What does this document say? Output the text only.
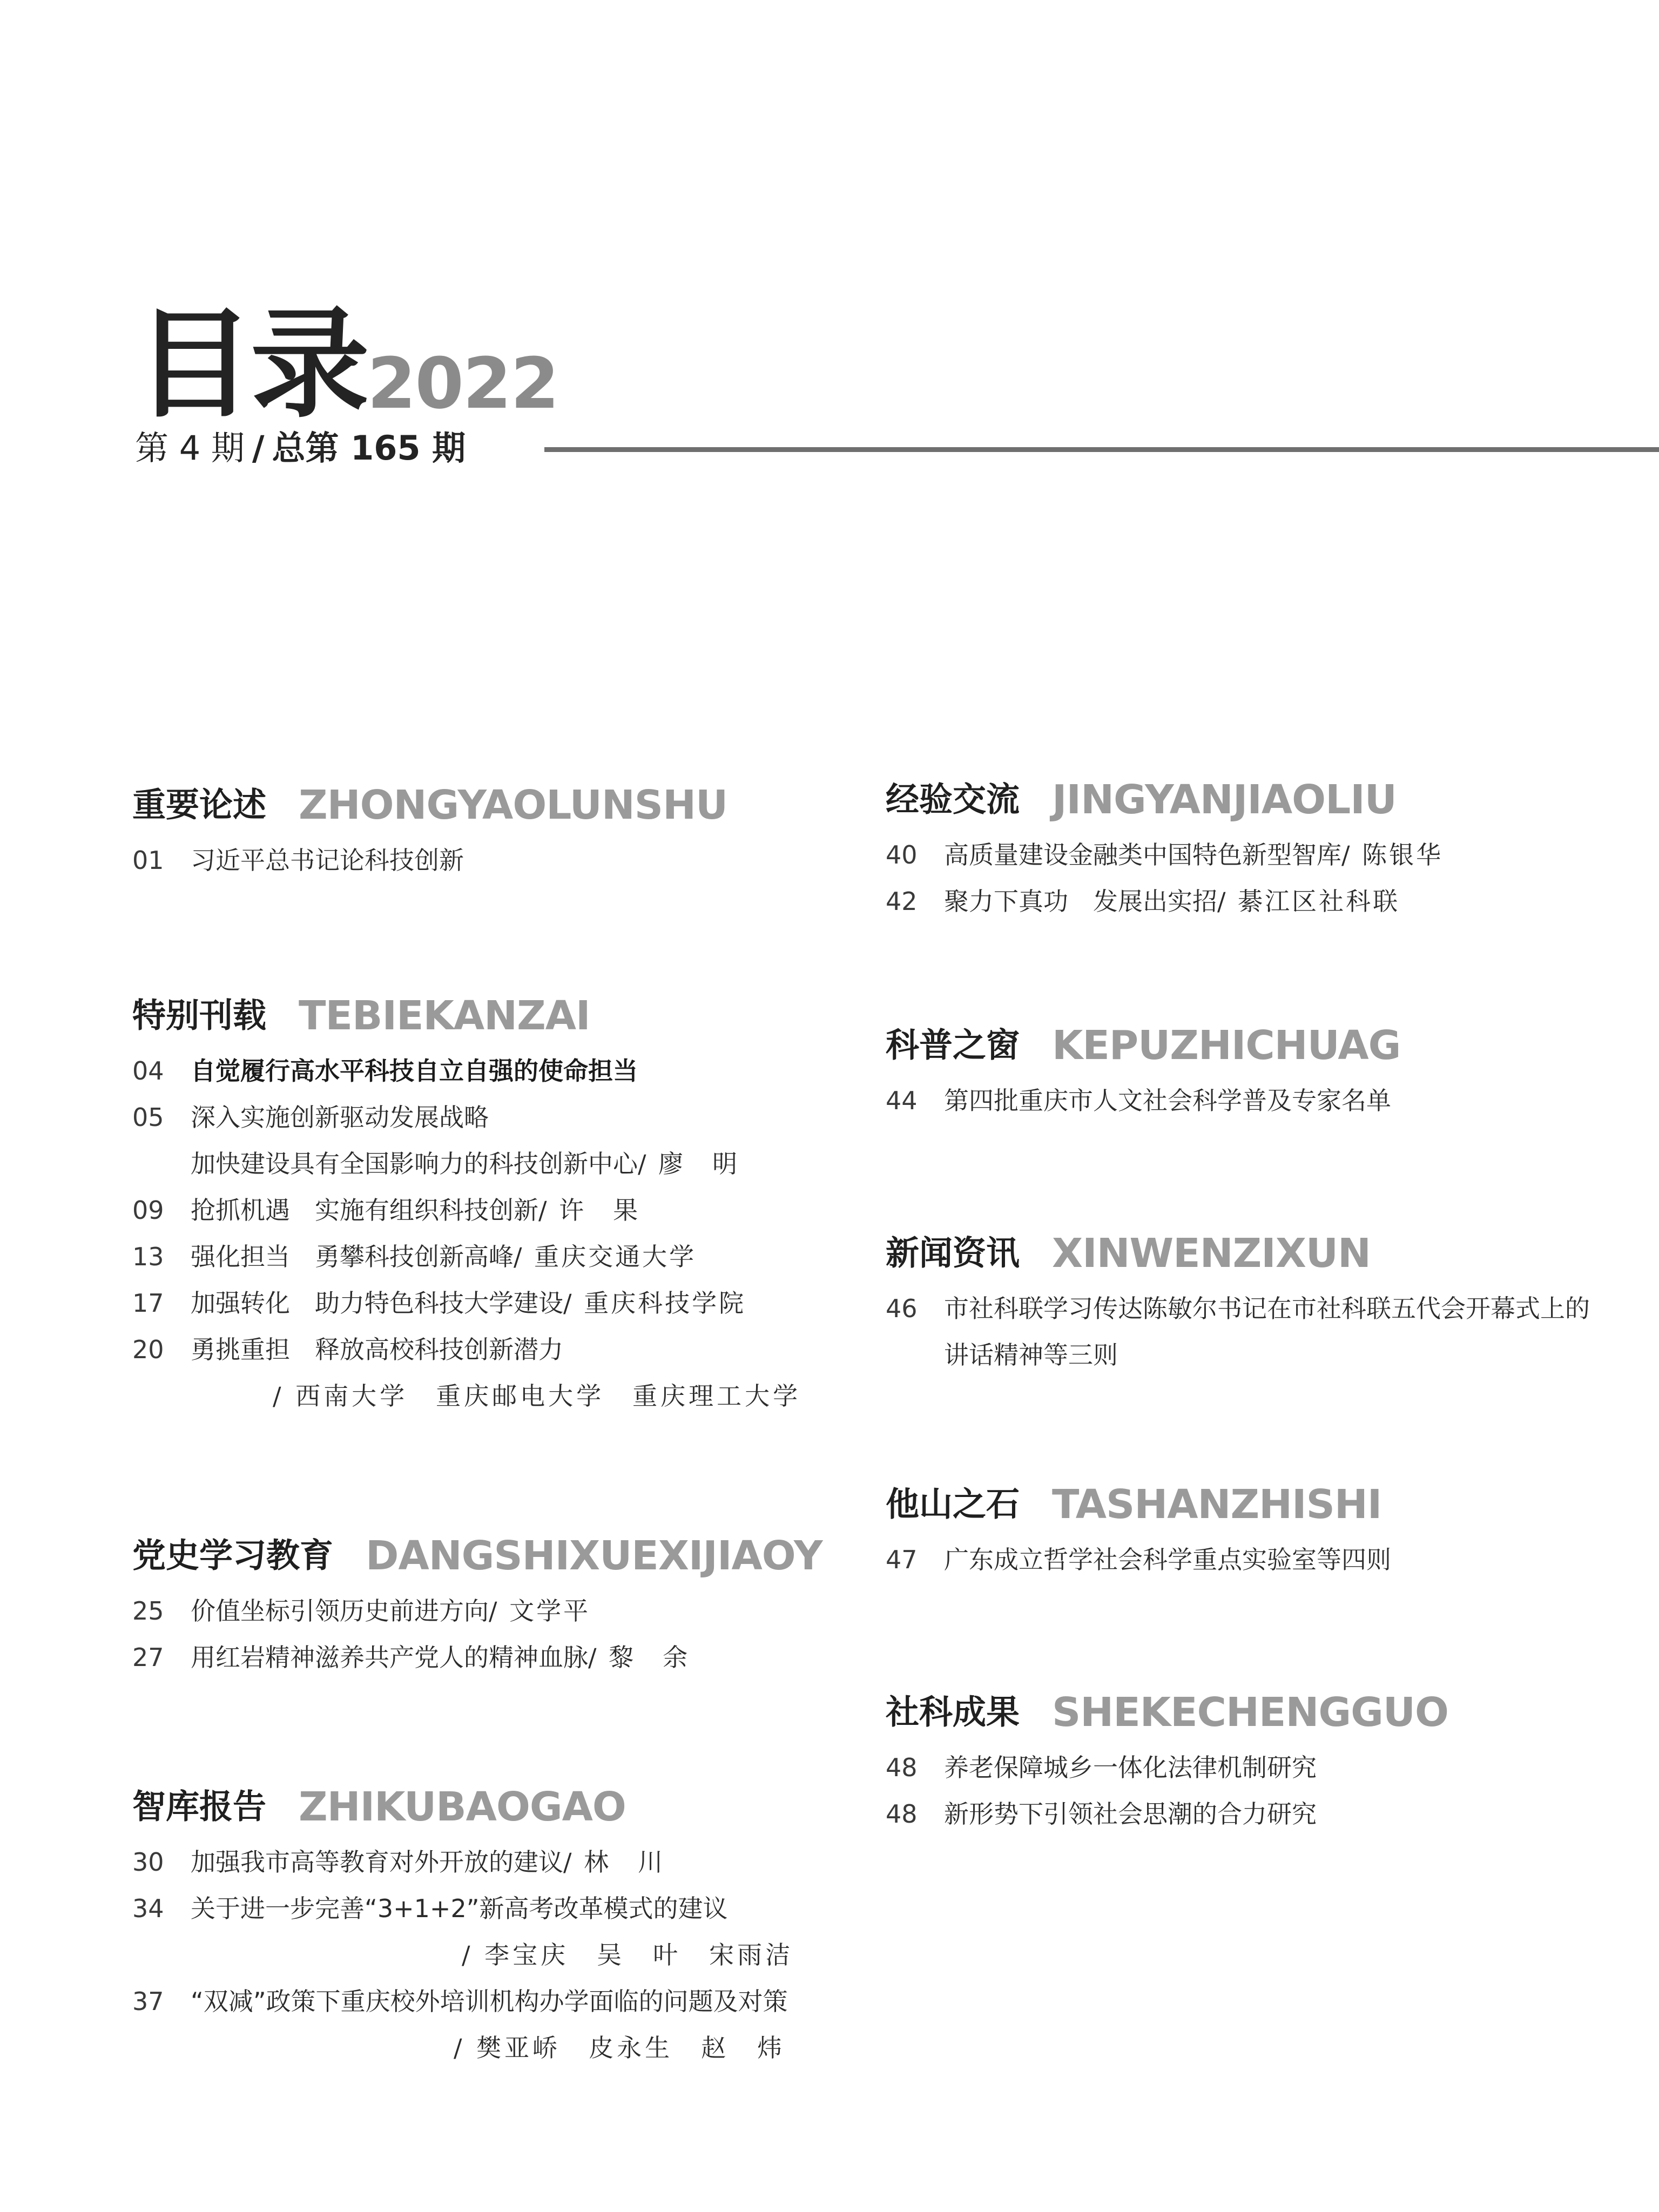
目录 2022
第 4 期 / 总第 165 期
重要论述 ZHONGYAOLUNSHU
01 习近平总书记论科技创新
特别刊载 TEBIEKANZAI
04 自觉履行高水平科技自立自强的使命担当
05 深入实施创新驱动发展战略
加快建设具有全国影响力的科技创新中心/ 廖　明
09 抢抓机遇　实施有组织科技创新/ 许　果
13 强化担当　勇攀科技创新高峰/ 重庆交通大学
17 加强转化　助力特色科技大学建设/ 重庆科技学院
20 勇挑重担　释放高校科技创新潜力
/ 西南大学　重庆邮电大学　重庆理工大学
党史学习教育 DANGSHIXUEXIJIAOY
25 价值坐标引领历史前进方向/ 文学平
27 用红岩精神滋养共产党人的精神血脉/ 黎　余
智库报告 ZHIKUBAOGAO
30 加强我市高等教育对外开放的建议/ 林　川
34 关于进一步完善“3+1+2”新高考改革模式的建议
/ 李宝庆　吴　叶　宋雨洁
37 “双减”政策下重庆校外培训机构办学面临的问题及对策
/ 樊亚峤　皮永生　赵　炜
经验交流 JINGYANJIAOLIU
40 高质量建设金融类中国特色新型智库/ 陈银华
42 聚力下真功　发展出实招/ 綦江区社科联
科普之窗 KEPUZHICHUAG
44 第四批重庆市人文社会科学普及专家名单
新闻资讯 XINWENZIXUN
46 市社科联学习传达陈敏尔书记在市社科联五代会开幕式上的
讲话精神等三则
他山之石 TASHANZHISHI
47 广东成立哲学社会科学重点实验室等四则
社科成果 SHEKECHENGGUO
48 养老保障城乡一体化法律机制研究
48 新形势下引领社会思潮的合力研究
